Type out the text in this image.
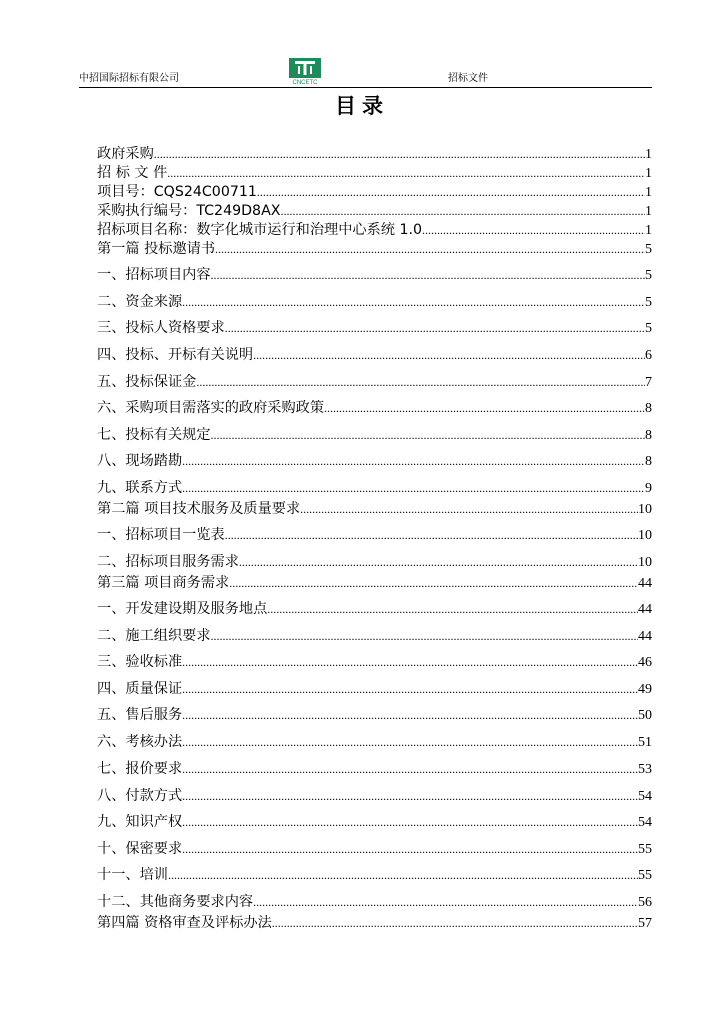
中招国际招标有限公司	CNCETC	招标文件
目录
政府采购 .....	1
招 标 文 件 .....	1
项目号：CQS24C00711 .....	1
采购执行编号：TC249D8AX .....	1
招标项目名称：数字化城市运行和治理中心系统 1.0 .....	1
第一篇 投标邀请书 .....	5
一、招标项目内容 .....	5
二、资金来源 .....	5
三、投标人资格要求 .....	5
四、投标、开标有关说明 .....	6
五、投标保证金 .....	7
六、采购项目需落实的政府采购政策 .....	8
七、投标有关规定 .....	8
八、现场踏勘 .....	8
九、联系方式 .....	9
第二篇 项目技术服务及质量要求 .....	10
一、招标项目一览表 .....	10
二、招标项目服务需求 .....	10
第三篇 项目商务需求 .....	44
一、开发建设期及服务地点 .....	44
二、施工组织要求 .....	44
三、验收标准 .....	46
四、质量保证 .....	49
五、售后服务 .....	50
六、考核办法 .....	51
七、报价要求 .....	53
八、付款方式 .....	54
九、知识产权 .....	54
十、保密要求 .....	55
十一、培训 .....	55
十二、其他商务要求内容 .....	56
第四篇 资格审查及评标办法 .....	57
